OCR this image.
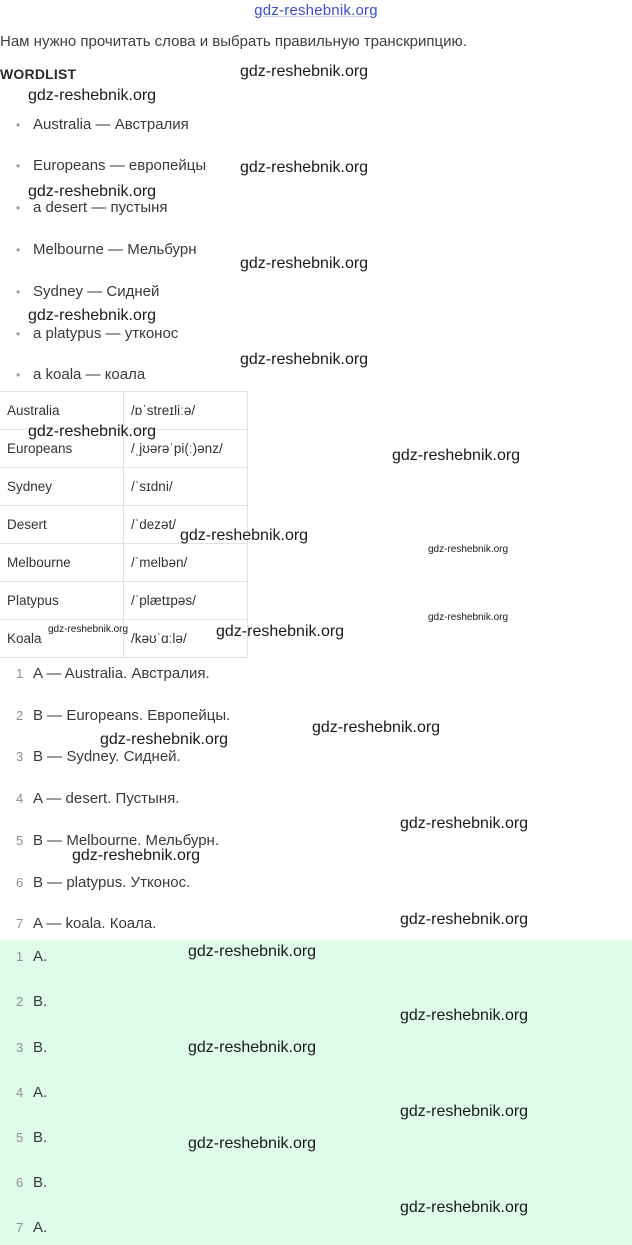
gdz-reshebnik.org
Нам нужно прочитать слова и выбрать правильную транскрипцию.
WORDLIST
• Australia — Австралия
• Europeans — европейцы
• a desert — пустыня
• Melbourne — Мельбурн
• Sydney — Сидней
• a platypus — утконос
• a koala — коала
Australia	/ɒˈstreɪliːə/
Europeans	/ˌjʊərəˈpi(ː)ənz/
Sydney	/ˈsɪdni/
Desert	/ˈdezət/
Melbourne	/ˈmelbən/
Platypus	/ˈplætɪpəs/
Koala	/kəʊˈɑːlə/
1 A — Australia. Австралия.
2 B — Europeans. Европейцы.
3 B — Sydney. Сидней.
4 A — desert. Пустыня.
5 B — Melbourne. Мельбурн.
6 B — platypus. Утконос.
7 A — koala. Коала.
1 A.
2 B.
3 B.
4 A.
5 B.
6 B.
7 A.
gdz-reshebnik.org
gdz-reshebnik.org
gdz-reshebnik.org
gdz-reshebnik.org
gdz-reshebnik.org
gdz-reshebnik.org
gdz-reshebnik.org
gdz-reshebnik.org
gdz-reshebnik.org
gdz-reshebnik.org
gdz-reshebnik.org
gdz-reshebnik.org
gdz-reshebnik.org	gdz-reshebnik.org
gdz-reshebnik.org
gdz-reshebnik.org
gdz-reshebnik.org
gdz-reshebnik.org
gdz-reshebnik.org
gdz-reshebnik.org
gdz-reshebnik.org
gdz-reshebnik.org
gdz-reshebnik.org
gdz-reshebnik.org
gdz-reshebnik.org
